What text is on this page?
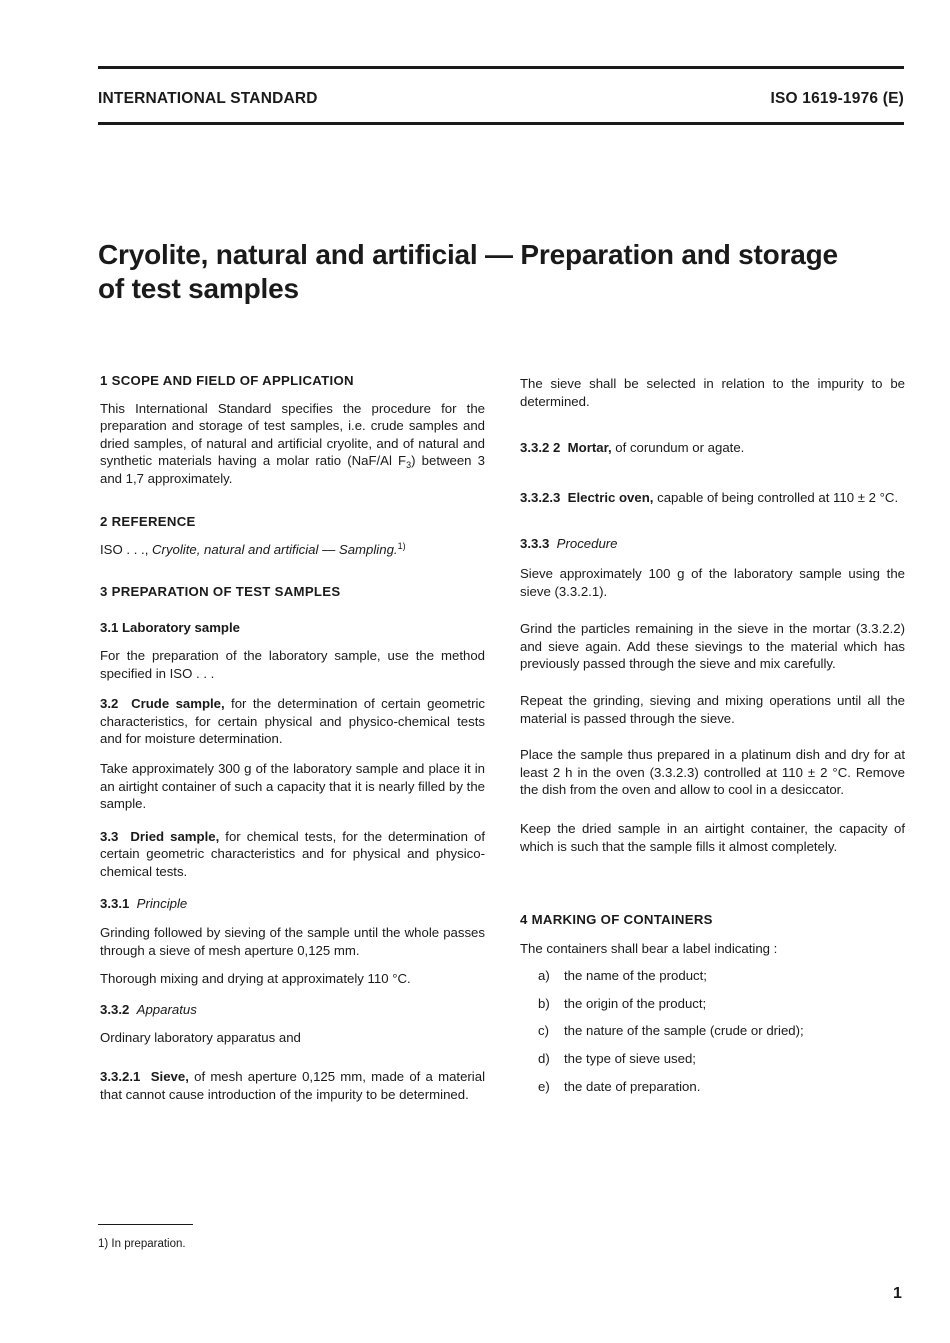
INTERNATIONAL STANDARD	ISO 1619-1976 (E)
Cryolite, natural and artificial — Preparation and storage
of test samples
1 SCOPE AND FIELD OF APPLICATION

This International Standard specifies the procedure for the preparation and storage of test samples, i.e. crude samples and dried samples, of natural and artificial cryolite, and of natural and synthetic materials having a molar ratio (NaF/Al $F_3$) between 3 and 1,7 approximately.

2 REFERENCE

ISO . . ., Cryolite, natural and artificial — Sampling.$^{1)}$

3 PREPARATION OF TEST SAMPLES
3.1 Laboratory sample

For the preparation of the laboratory sample, use the method specified in ISO . . .

3.2 Crude sample, for the determination of certain geometric characteristics, for certain physical and physico-chemical tests and for moisture determination.

Take approximately 300 g of the laboratory sample and place it in an airtight container of such a capacity that it is nearly filled by the sample.

3.3 Dried sample, for chemical tests, for the determination of certain geometric characteristics and for physical and physico-chemical tests.

3.3.1 Principle

Grinding followed by sieving of the sample until the whole passes through a sieve of mesh aperture 0,125 mm.

Thorough mixing and drying at approximately 110 °C.

3.3.2 Apparatus

Ordinary laboratory apparatus and

3.3.2.1 Sieve, of mesh aperture 0,125 mm, made of a material that cannot cause introduction of the impurity to be determined.

The sieve shall be selected in relation to the impurity to be determined.

3.3.2 2 Mortar, of corundum or agate.

3.3.2.3 Electric oven, capable of being controlled at 110 ± 2 °C.

3.3.3 Procedure

Sieve approximately 100 g of the laboratory sample using the sieve (3.3.2.1).

Grind the particles remaining in the sieve in the mortar (3.3.2.2) and sieve again. Add these sievings to the material which has previously passed through the sieve and mix carefully.

Repeat the grinding, sieving and mixing operations until all the material is passed through the sieve.

Place the sample thus prepared in a platinum dish and dry for at least 2 h in the oven (3.3.2.3) controlled at 110 ± 2 °C. Remove the dish from the oven and allow to cool in a desiccator.

Keep the dried sample in an airtight container, the capacity of which is such that the sample fills it almost completely.

4 MARKING OF CONTAINERS

The containers shall bear a label indicating :

a)	the name of the product;
b)	the origin of the product;
c)	the nature of the sample (crude or dried);
d)	the type of sieve used;
e)	the date of preparation.
1) In preparation.
1
